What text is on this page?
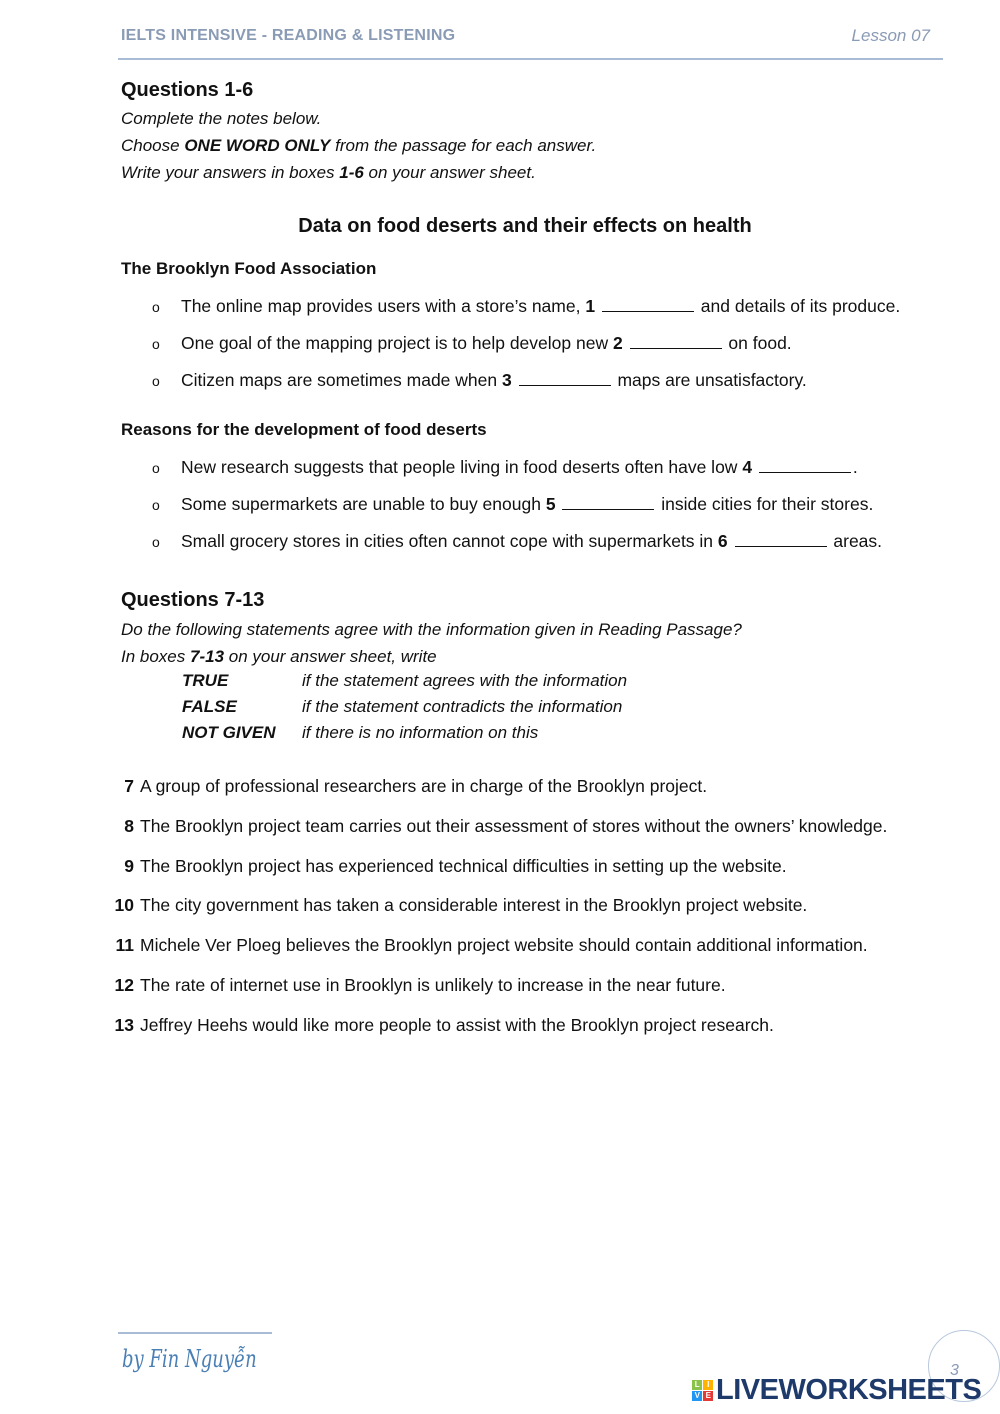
IELTS INTENSIVE - READING & LISTENING	Lesson 07
Questions 1-6
Complete the notes below.
Choose ONE WORD ONLY from the passage for each answer.
Write your answers in boxes 1-6 on your answer sheet.
Data on food deserts and their effects on health
The Brooklyn Food Association
Reasons for the development of food deserts
o The online map provides users with a store’s name, 1	and details of its produce.
o One goal of the mapping project is to help develop new 2	on food.
o Citizen maps are sometimes made when 3	maps are unsatisfactory.
o New research suggests that people living in food deserts often have low 4	.
o Some supermarkets are unable to buy enough 5	inside cities for their stores.
o Small grocery stores in cities often cannot cope with supermarkets in 6	areas.
Questions 7-13
Do the following statements agree with the information given in Reading Passage?
In boxes 7-13 on your answer sheet, write
TRUE	if the statement agrees with the information
FALSE	if the statement contradicts the information
NOT GIVEN if there is no information on this
7 A group of professional researchers are in charge of the Brooklyn project.
8 The Brooklyn project team carries out their assessment of stores without the owners’ knowledge.
9 The Brooklyn project has experienced technical difficulties in setting up the website.
10 The city government has taken a considerable interest in the Brooklyn project website.
11 Michele Ver Ploeg believes the Brooklyn project website should contain additional information.
12 The rate of internet use in Brooklyn is unlikely to increase in the near future.
13 Jeffrey Heehs would like more people to assist with the Brooklyn project research.
by Fin Nguyễn	3
L I
V E LIVEWORKSHEETS
